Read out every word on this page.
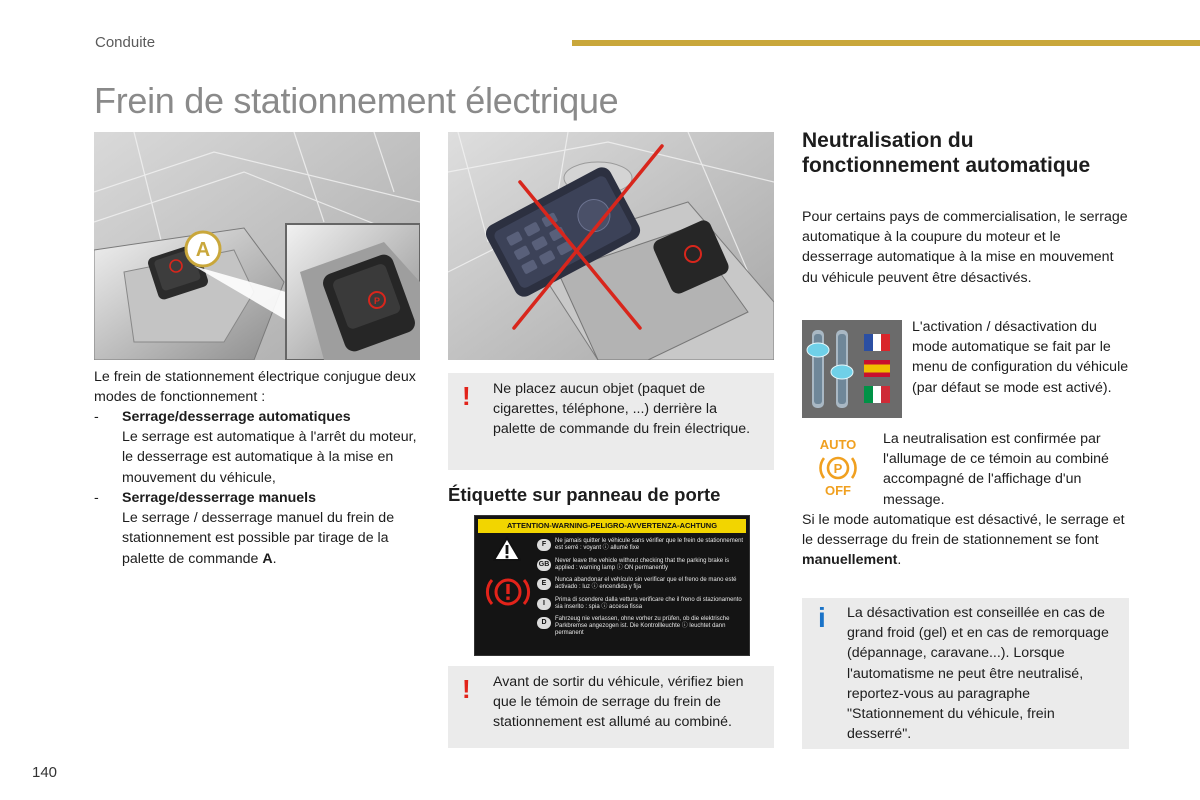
Conduite
Frein de stationnement électrique
A
P
Le frein de stationnement électrique conjugue deux modes de fonctionnement :
- Serrage/desserrage automatiques
Le serrage est automatique à l'arrêt du moteur, le desserrage est automatique à la mise en mouvement du véhicule,
- Serrage/desserrage manuels
Le serrage / desserrage manuel du frein de stationnement est possible par tirage de la palette de commande A.
! Ne placez aucun objet (paquet de cigarettes, téléphone, ...) derrière la palette de commande du frein électrique.
Étiquette sur panneau de porte
ATTENTION-WARNING-PELIGRO-AVVERTENZA-ACHTUNG
F	Ne jamais quitter le véhicule sans vérifier que le frein de stationnement est serré : voyant ⓘ allumé fixe
GB Never leave the vehicle without checking that the parking brake is applied : warning lamp ⓘ ON permanently
E	Nunca abandonar el vehículo sin verificar que el freno de mano esté activado : luz ⓘ encendida y fija
I	Prima di scendere dalla vettura verificare che il freno di stazionamento sia inserito : spia ⓘ accesa fissa
D	Fahrzeug nie verlassen, ohne vorher zu prüfen, ob die elektrische Parkbremse angezogen ist. Die Kontrollleuchte ⓘ leuchtet dann permanent
! Avant de sortir du véhicule, vérifiez bien que le témoin de serrage du frein de stationnement est allumé au combiné.
Neutralisation du fonctionnement automatique
Pour certains pays de commercialisation, le serrage automatique à la coupure du moteur et le desserrage automatique à la mise en mouvement du véhicule peuvent être désactivés.
L'activation / désactivation du mode automatique se fait par le menu de configuration du véhicule (par défaut se mode est activé).
AUTO
P
OFF
La neutralisation est confirmée par l'allumage de ce témoin au combiné accompagné de l'affichage d'un message.
Si le mode automatique est désactivé, le serrage et le desserrage du frein de stationnement se font manuellement.
i La désactivation est conseillée en cas de grand froid (gel) et en cas de remorquage (dépannage, caravane...). Lorsque l'automatisme ne peut être neutralisé, reportez-vous au paragraphe "Stationnement du véhicule, frein desserré".
140
